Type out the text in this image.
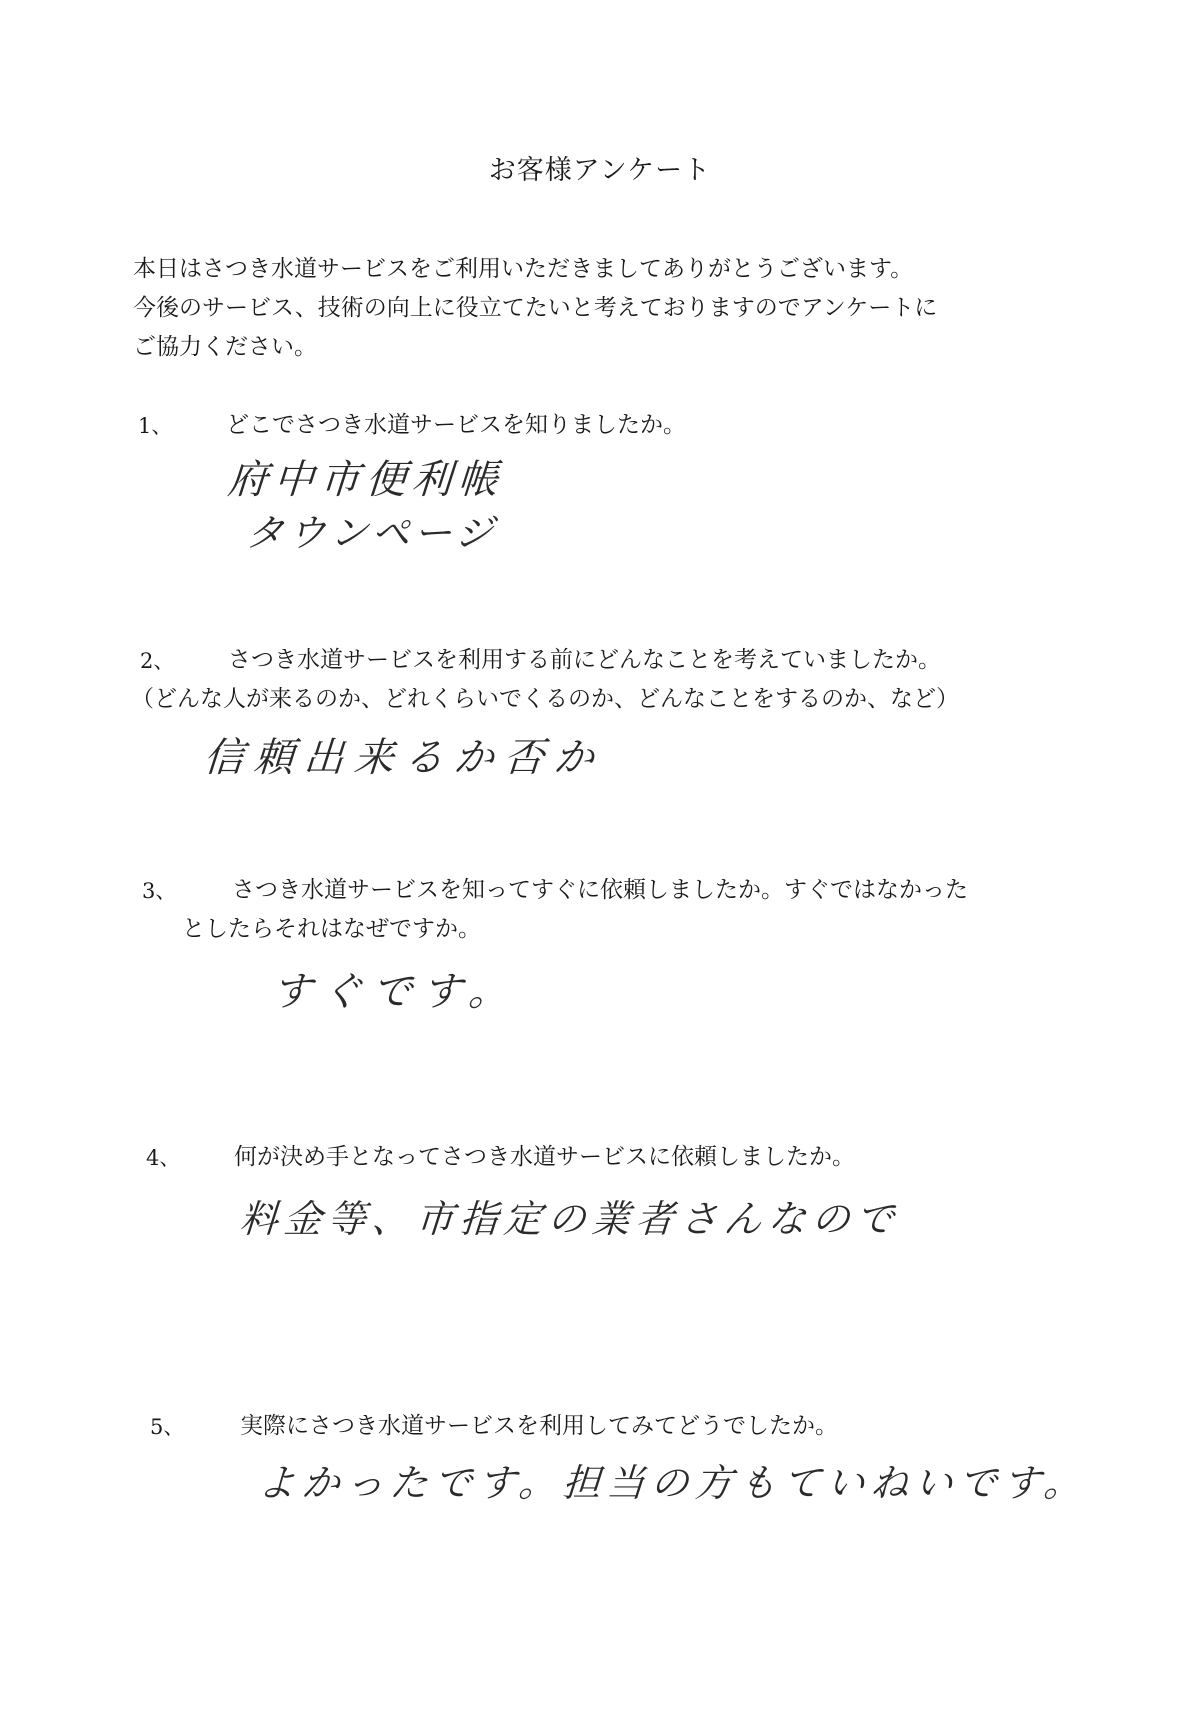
お客様アンケート
本日はさつき水道サービスをご利用いただきましてありがとうございます。
今後のサービス、技術の向上に役立てたいと考えておりますのでアンケートに
ご協力ください。
1、 どこでさつき水道サービスを知りましたか。
府中市便利帳
タウンページ
2、 さつき水道サービスを利用する前にどんなことを考えていましたか。
（どんな人が来るのか、どれくらいでくるのか、どんなことをするのか、など）
信頼出来るか否か
3、 さつき水道サービスを知ってすぐに依頼しましたか。すぐではなかった
としたらそれはなぜですか。
すぐです。
4、 何が決め手となってさつき水道サービスに依頼しましたか。
料金等、市指定の業者さんなので
5、 実際にさつき水道サービスを利用してみてどうでしたか。
よかったです。担当の方もていねいです。
